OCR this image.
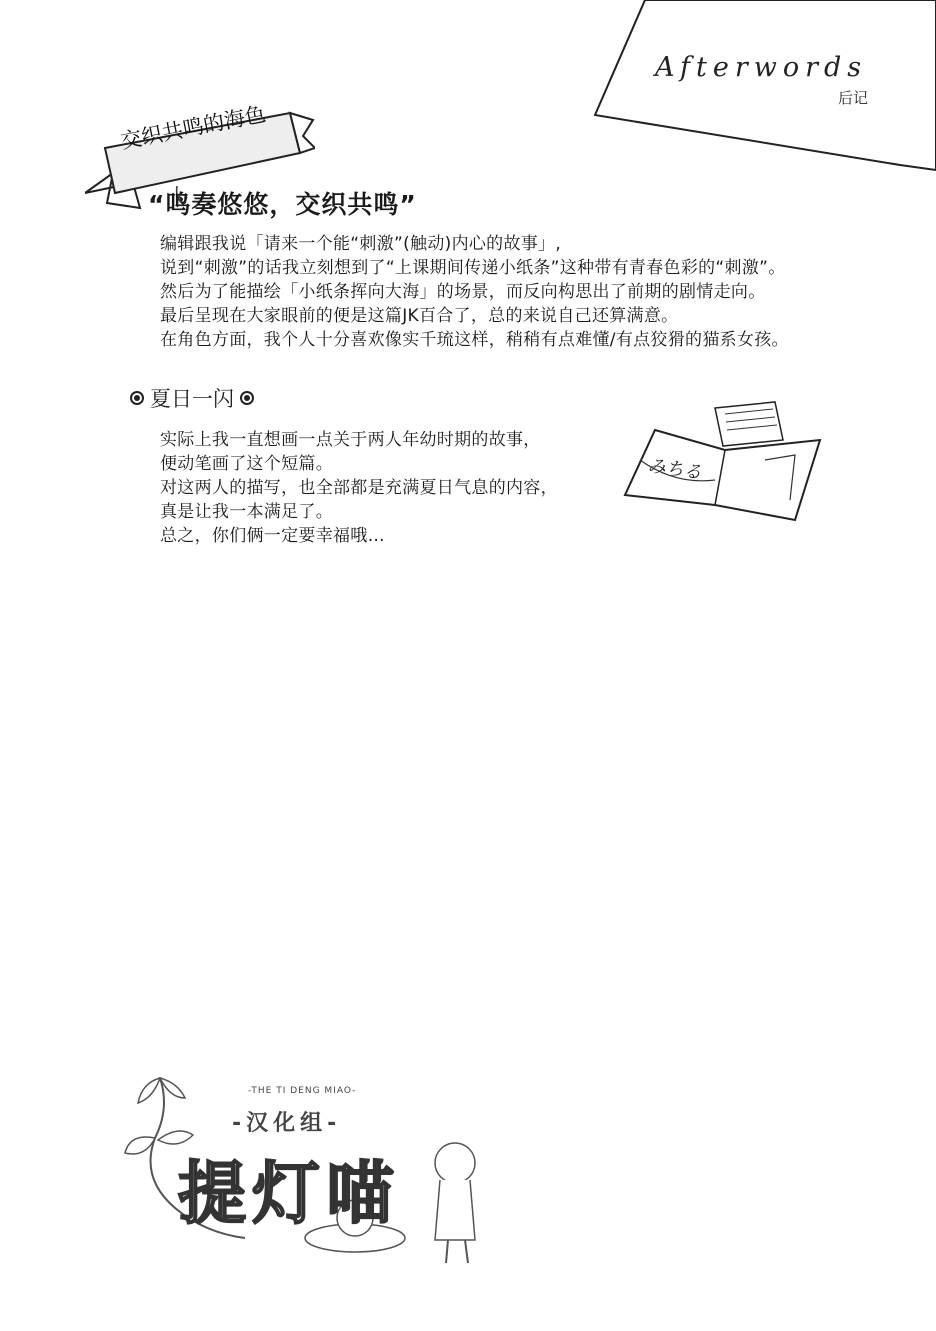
Afterwords
后记
交织共鸣的海色
“鸣奏悠悠，交织共鸣”
编辑跟我说「请来一个能“刺激”(触动)内心的故事」,
说到“刺激”的话我立刻想到了“上课期间传递小纸条”这种带有青春色彩的“刺激”。
然后为了能描绘「小纸条挥向大海」的场景，而反向构思出了前期的剧情走向。
最后呈现在大家眼前的便是这篇JK百合了，总的来说自己还算满意。
在角色方面，我个人十分喜欢像实千琉这样，稍稍有点难懂/有点狡猾的猫系女孩。
夏日一闪
实际上我一直想画一点关于两人年幼时期的故事，
便动笔画了这个短篇。
对这两人的描写，也全部都是充满夏日气息的内容，
真是让我一本满足了。
总之，你们俩一定要幸福哦…
みちる
-THE TI DENG MIAO-
-汉化组-
提灯喵
